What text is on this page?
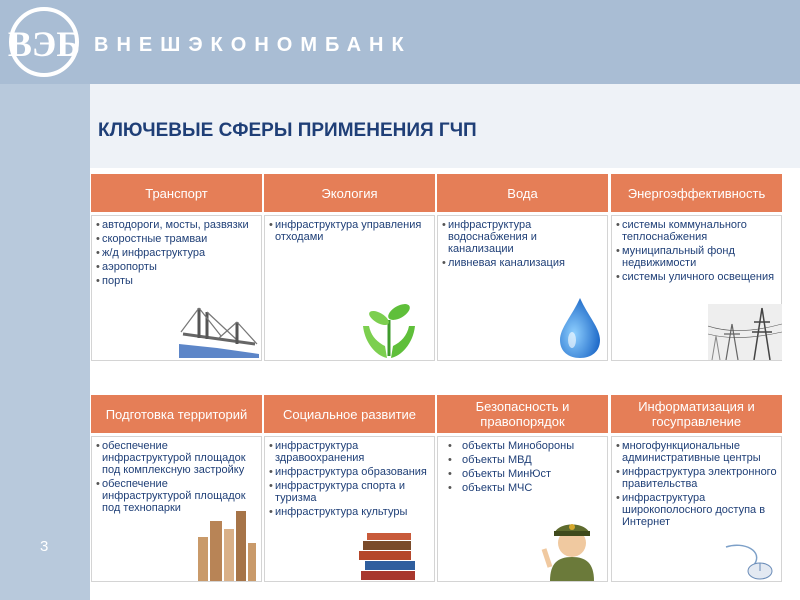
ВЭБ ВНЕШЭКОНОМБАНК
КЛЮЧЕВЫЕ СФЕРЫ ПРИМЕНЕНИЯ ГЧП
3
Транспорт
• автодороги, мосты, развязки
• скоростные трамваи
• ж/д инфраструктура
• аэропорты
• порты
Экология
• инфраструктура управления отходами
Вода
• инфраструктура водоснабжения и канализации
• ливневая канализация
Энергоэффективность
• системы коммунального теплоснабжения
• муниципальный фонд недвижимости
• системы уличного освещения
Подготовка территорий
• обеспечение инфраструктурой площадок под комплексную застройку
• обеспечение инфраструктурой площадок под технопарки
Социальное развитие
• инфраструктура здравоохранения
• инфраструктура образования
• инфраструктура спорта и туризма
• инфраструктура культуры
Безопасность и правопорядок
• объекты Минобороны
• объекты МВД
• объекты МинЮст
• объекты МЧС
Информатизация и госуправление
• многофункциональные административные центры
• инфраструктура электронного правительства
• инфраструктура широкополосного доступа в Интернет
